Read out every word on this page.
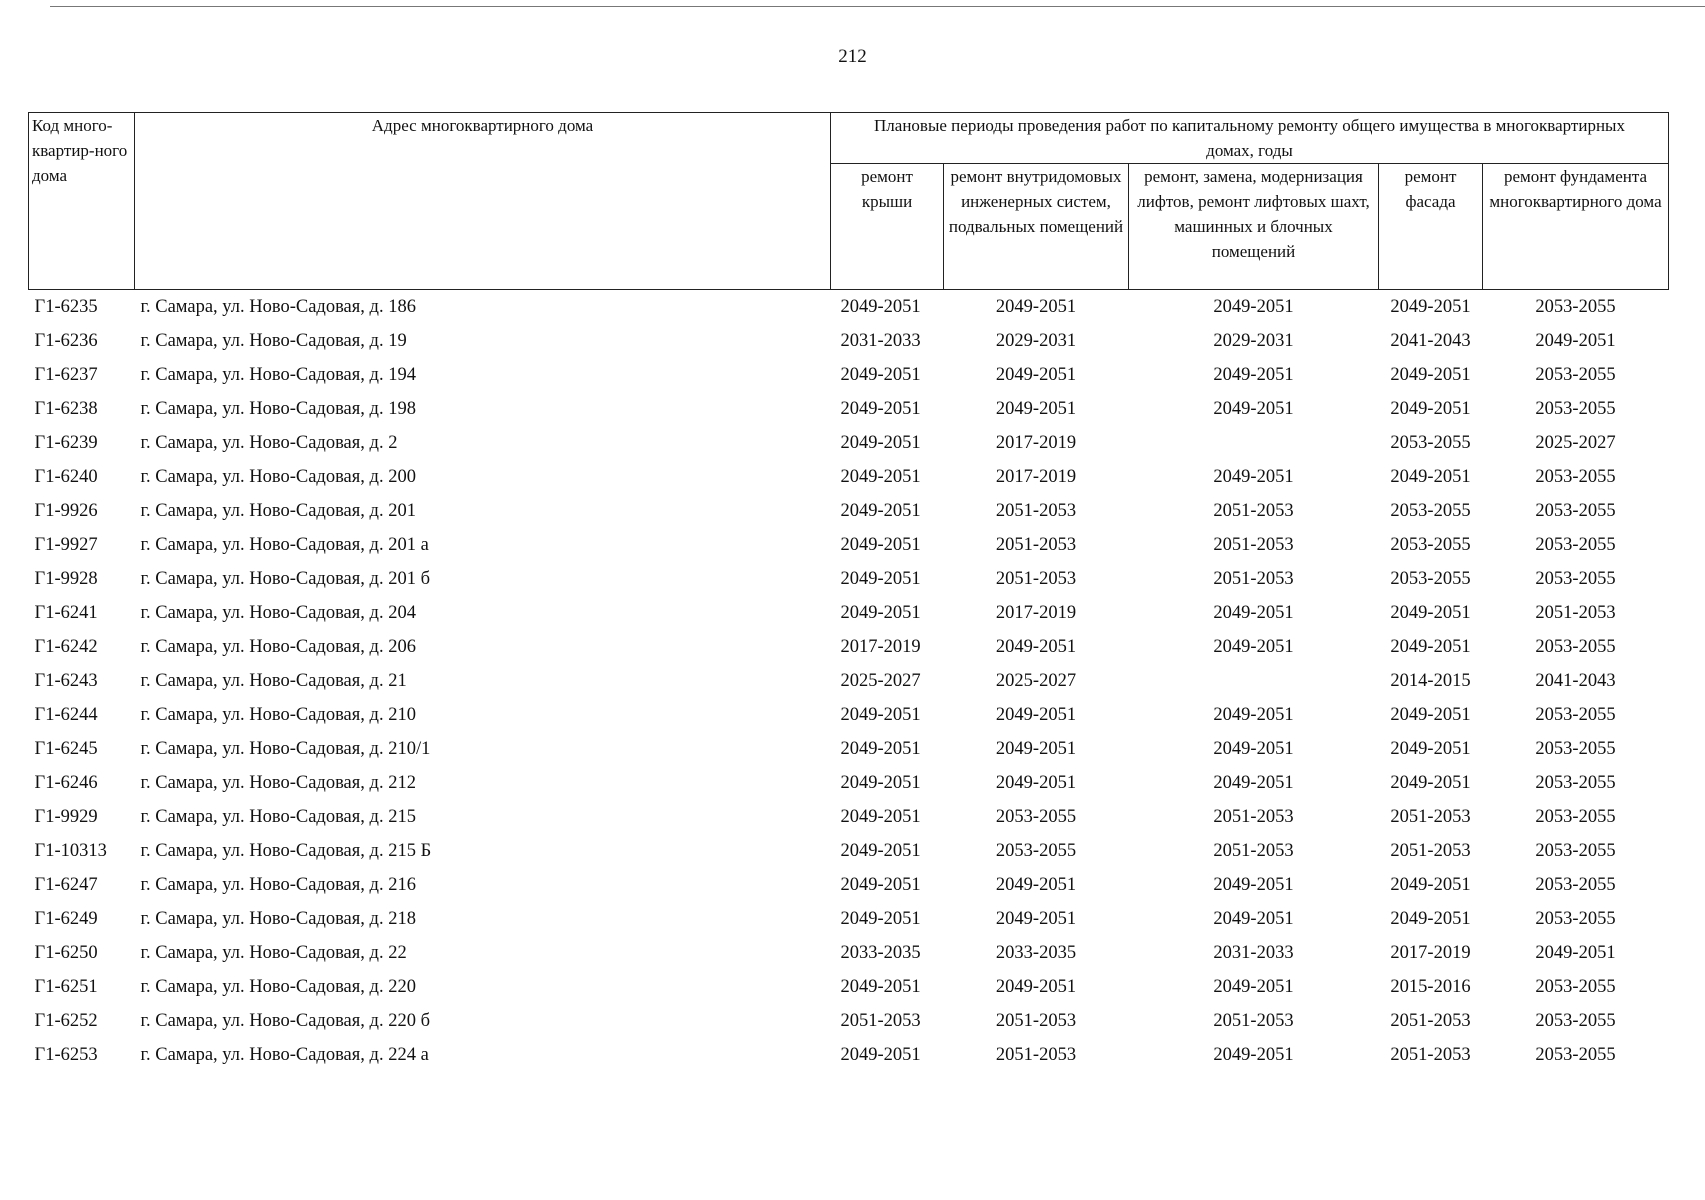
212
Код много-квартир-ного дома	Адрес многоквартирного дома	Плановые периоды проведения работ по капитальному ремонту общего имущества в многоквартирных домах, годы				
		ремонт крыши	ремонт внутридомовых инженерных систем, подвальных помещений	ремонт, замена, модернизация лифтов, ремонт лифтовых шахт, машинных и блочных помещений	ремонт фасада	ремонт фундамента многоквартирного дома
Г1-6235	г. Самара, ул. Ново-Садовая, д. 186	2049-2051	2049-2051	2049-2051	2049-2051	2053-2055
Г1-6236	г. Самара, ул. Ново-Садовая, д. 19	2031-2033	2029-2031	2029-2031	2041-2043	2049-2051
Г1-6237	г. Самара, ул. Ново-Садовая, д. 194	2049-2051	2049-2051	2049-2051	2049-2051	2053-2055
Г1-6238	г. Самара, ул. Ново-Садовая, д. 198	2049-2051	2049-2051	2049-2051	2049-2051	2053-2055
Г1-6239	г. Самара, ул. Ново-Садовая, д. 2	2049-2051	2017-2019		2053-2055	2025-2027
Г1-6240	г. Самара, ул. Ново-Садовая, д. 200	2049-2051	2017-2019	2049-2051	2049-2051	2053-2055
Г1-9926	г. Самара, ул. Ново-Садовая, д. 201	2049-2051	2051-2053	2051-2053	2053-2055	2053-2055
Г1-9927	г. Самара, ул. Ново-Садовая, д. 201 а	2049-2051	2051-2053	2051-2053	2053-2055	2053-2055
Г1-9928	г. Самара, ул. Ново-Садовая, д. 201 б	2049-2051	2051-2053	2051-2053	2053-2055	2053-2055
Г1-6241	г. Самара, ул. Ново-Садовая, д. 204	2049-2051	2017-2019	2049-2051	2049-2051	2051-2053
Г1-6242	г. Самара, ул. Ново-Садовая, д. 206	2017-2019	2049-2051	2049-2051	2049-2051	2053-2055
Г1-6243	г. Самара, ул. Ново-Садовая, д. 21	2025-2027	2025-2027		2014-2015	2041-2043
Г1-6244	г. Самара, ул. Ново-Садовая, д. 210	2049-2051	2049-2051	2049-2051	2049-2051	2053-2055
Г1-6245	г. Самара, ул. Ново-Садовая, д. 210/1	2049-2051	2049-2051	2049-2051	2049-2051	2053-2055
Г1-6246	г. Самара, ул. Ново-Садовая, д. 212	2049-2051	2049-2051	2049-2051	2049-2051	2053-2055
Г1-9929	г. Самара, ул. Ново-Садовая, д. 215	2049-2051	2053-2055	2051-2053	2051-2053	2053-2055
Г1-10313	г. Самара, ул. Ново-Садовая, д. 215 Б	2049-2051	2053-2055	2051-2053	2051-2053	2053-2055
Г1-6247	г. Самара, ул. Ново-Садовая, д. 216	2049-2051	2049-2051	2049-2051	2049-2051	2053-2055
Г1-6249	г. Самара, ул. Ново-Садовая, д. 218	2049-2051	2049-2051	2049-2051	2049-2051	2053-2055
Г1-6250	г. Самара, ул. Ново-Садовая, д. 22	2033-2035	2033-2035	2031-2033	2017-2019	2049-2051
Г1-6251	г. Самара, ул. Ново-Садовая, д. 220	2049-2051	2049-2051	2049-2051	2015-2016	2053-2055
Г1-6252	г. Самара, ул. Ново-Садовая, д. 220 б	2051-2053	2051-2053	2051-2053	2051-2053	2053-2055
Г1-6253	г. Самара, ул. Ново-Садовая, д. 224 а	2049-2051	2051-2053	2049-2051	2051-2053	2053-2055
